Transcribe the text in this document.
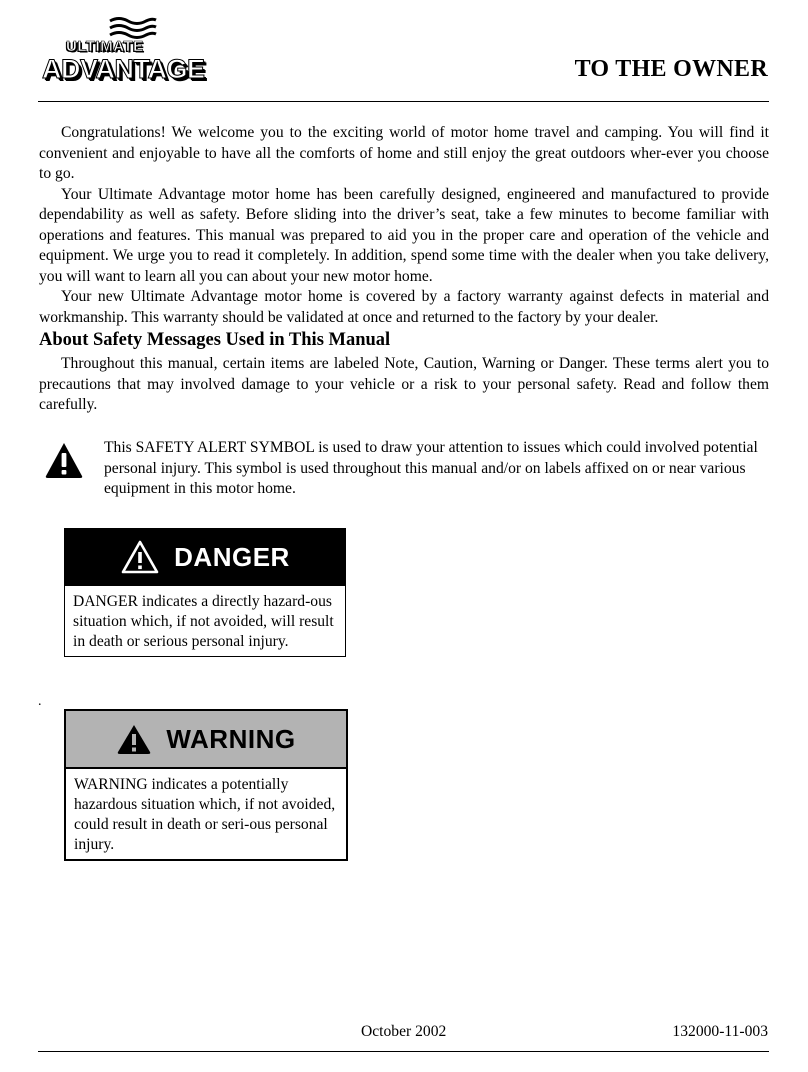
ULTIMATE
ADVANTAGE	TO THE OWNER

Congratulations! We welcome you to the exciting world of motor home travel and camping. You will find it convenient and enjoyable to have all the comforts of home and still enjoy the great outdoors wher-ever you choose to go.

Your Ultimate Advantage motor home has been carefully designed, engineered and manufactured to provide dependability as well as safety. Before sliding into the driver’s seat, take a few minutes to become familiar with operations and features. This manual was prepared to aid you in the proper care and operation of the vehicle and equipment. We urge you to read it completely. In addition, spend some time with the dealer when you take delivery, you will want to learn all you can about your new motor home.

Your new Ultimate Advantage motor home is covered by a factory warranty against defects in material and workmanship. This warranty should be validated at once and returned to the factory by your dealer.

About Safety Messages Used in This Manual

Throughout this manual, certain items are labeled Note, Caution, Warning or Danger. These terms alert you to precautions that may involved damage to your vehicle or a risk to your personal safety. Read and follow them carefully.

This SAFETY ALERT SYMBOL is used to draw your attention to issues which could involved potential personal injury. This symbol is used throughout this manual and/or on labels affixed on or near various equipment in this motor home.
DANGER
DANGER indicates a directly hazard-ous situation which, if not avoided, will result in death or serious personal injury.
.
WARNING
WARNING indicates a potentially hazardous situation which, if not avoided, could result in death or seri-ous personal injury.
October 2002	132000-11-003
